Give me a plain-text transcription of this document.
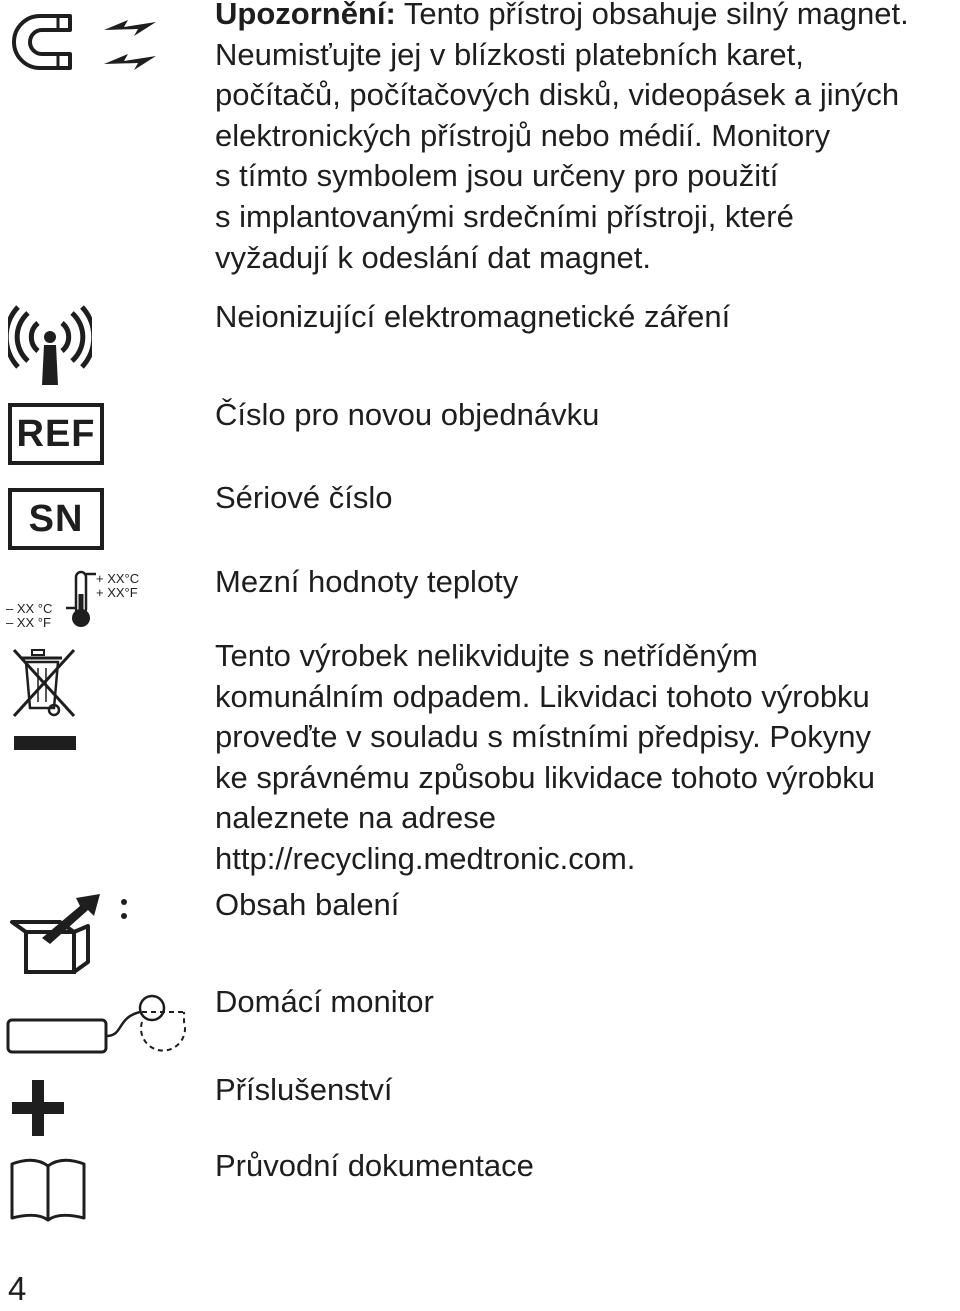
REF
SN
+ XX°C
+ XX°F
– XX °C
– XX °F
Upozornění: Tento přístroj obsahuje silný magnet.
Neumisťujte jej v blízkosti platebních karet,
počítačů, počítačových disků, videopásek a jiných
elektronických přístrojů nebo médií. Monitory
s tímto symbolem jsou určeny pro použití
s implantovanými srdečními přístroji, které
vyžadují k odeslání dat magnet.
Neionizující elektromagnetické záření
Číslo pro novou objednávku
Sériové číslo
Mezní hodnoty teploty
Tento výrobek nelikvidujte s netříděným
komunálním odpadem. Likvidaci tohoto výrobku
proveďte v souladu s místními předpisy. Pokyny
ke správnému způsobu likvidace tohoto výrobku
naleznete na adrese
http://recycling.medtronic.com.
Obsah balení
Domácí monitor
Příslušenství
Průvodní dokumentace
4
